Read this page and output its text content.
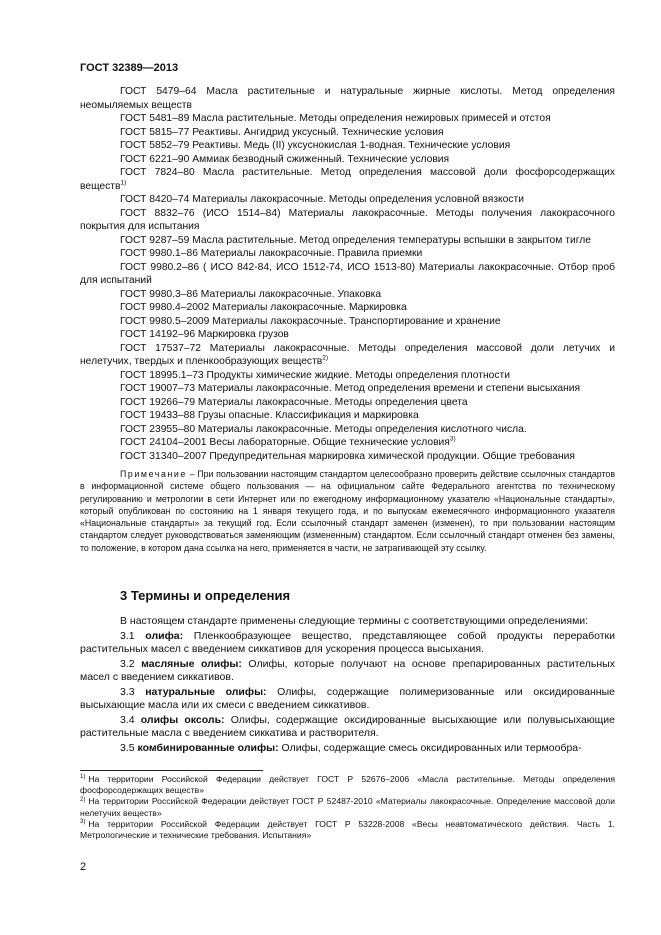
ГОСТ 32389—2013

ГОСТ 5479–64 Масла растительные и натуральные жирные кислоты. Метод определения неомыляемых веществ

ГОСТ 5481–89 Масла растительные. Методы определения нежировых примесей и отстоя

ГОСТ 5815–77 Реактивы. Ангидрид уксусный. Технические условия

ГОСТ 5852–79 Реактивы. Медь (II) уксуснокислая 1-водная. Технические условия

ГОСТ 6221–90 Аммиак безводный сжиженный. Технические условия

ГОСТ 7824–80 Масла растительные. Метод определения массовой доли фосфорсодержащих веществ$^{1)}$

ГОСТ 8420–74 Материалы лакокрасочные. Методы определения условной вязкости

ГОСТ 8832–76 (ИСО 1514–84) Материалы лакокрасочные. Методы получения лакокрасочного покрытия для испытания

ГОСТ 9287–59 Масла растительные. Метод определения температуры вспышки в закрытом тигле

ГОСТ 9980.1–86 Материалы лакокрасочные. Правила приемки

ГОСТ 9980.2–86 ( ИСО 842-84, ИСО 1512-74, ИСО 1513-80) Материалы лакокрасочные. Отбор проб для испытаний

ГОСТ 9980.3–86 Материалы лакокрасочные. Упаковка

ГОСТ 9980.4–2002 Материалы лакокрасочные. Маркировка

ГОСТ 9980.5–2009 Материалы лакокрасочные. Транспортирование и хранение

ГОСТ 14192–96 Маркировка грузов

ГОСТ 17537–72 Материалы лакокрасочные. Методы определения массовой доли летучих и нелетучих, твердых и пленкообразующих веществ$^{2)}$

ГОСТ 18995.1–73 Продукты химические жидкие. Методы определения плотности

ГОСТ 19007–73 Материалы лакокрасочные. Метод определения времени и степени высыхания

ГОСТ 19266–79 Материалы лакокрасочные. Методы определения цвета

ГОСТ 19433–88 Грузы опасные. Классификация и маркировка

ГОСТ 23955–80 Материалы лакокрасочные. Методы определения кислотного числа.

ГОСТ 24104–2001 Весы лабораторные. Общие технические условия$^{3)}$

ГОСТ 31340–2007 Предупредительная маркировка химической продукции. Общие требования

Примечание – При пользовании настоящим стандартом целесообразно проверить действие ссылочных стандартов в информационной системе общего пользования — на официальном сайте Федерального агентства по техническому регулированию и метрологии в сети Интернет или по ежегодному информационному указателю «Национальные стандарты», который опубликован по состоянию на 1 января текущего года, и по выпускам ежемесячного информационного указателя «Национальные стандарты» за текущий год. Если ссылочный стандарт заменен (изменен), то при пользовании настоящим стандартом следует руководствоваться заменяющим (измененным) стандартом. Если ссылочный стандарт отменен без замены, то положение, в котором дана ссылка на него, применяется в части, не затрагивающей эту ссылку.

3 Термины и определения

В настоящем стандарте применены следующие термины с соответствующими определениями:

3.1 олифа: Пленкообразующее вещество, представляющее собой продукты переработки растительных масел с введением сиккативов для ускорения процесса высыхания.

3.2 масляные олифы: Олифы, которые получают на основе препарированных растительных масел с введением сиккативов.

3.3 натуральные олифы: Олифы, содержащие полимеризованные или оксидированные высыхающие масла или их смеси с введением сиккативов.

3.4 олифы оксоль: Олифы, содержащие оксидированные высыхающие или полувысыхающие растительные масла с введением сиккатива и растворителя.

3.5 комбинированные олифы: Олифы, содержащие смесь оксидированных или термообра-

$^{1)}$ На территории Российской Федерации действует ГОСТ Р 52676–2006 «Масла растительные. Методы определения фосфорсодержащих веществ»

$^{2)}$ На территории Российской Федерации действует ГОСТ Р 52487-2010 «Материалы лакокрасочные. Определение массовой доли нелетучих веществ»

$^{3)}$ На территории Российской Федерации действует ГОСТ Р 53228-2008 «Весы неавтоматического действия. Часть 1. Метрологические и технические требования. Испытания»

2
